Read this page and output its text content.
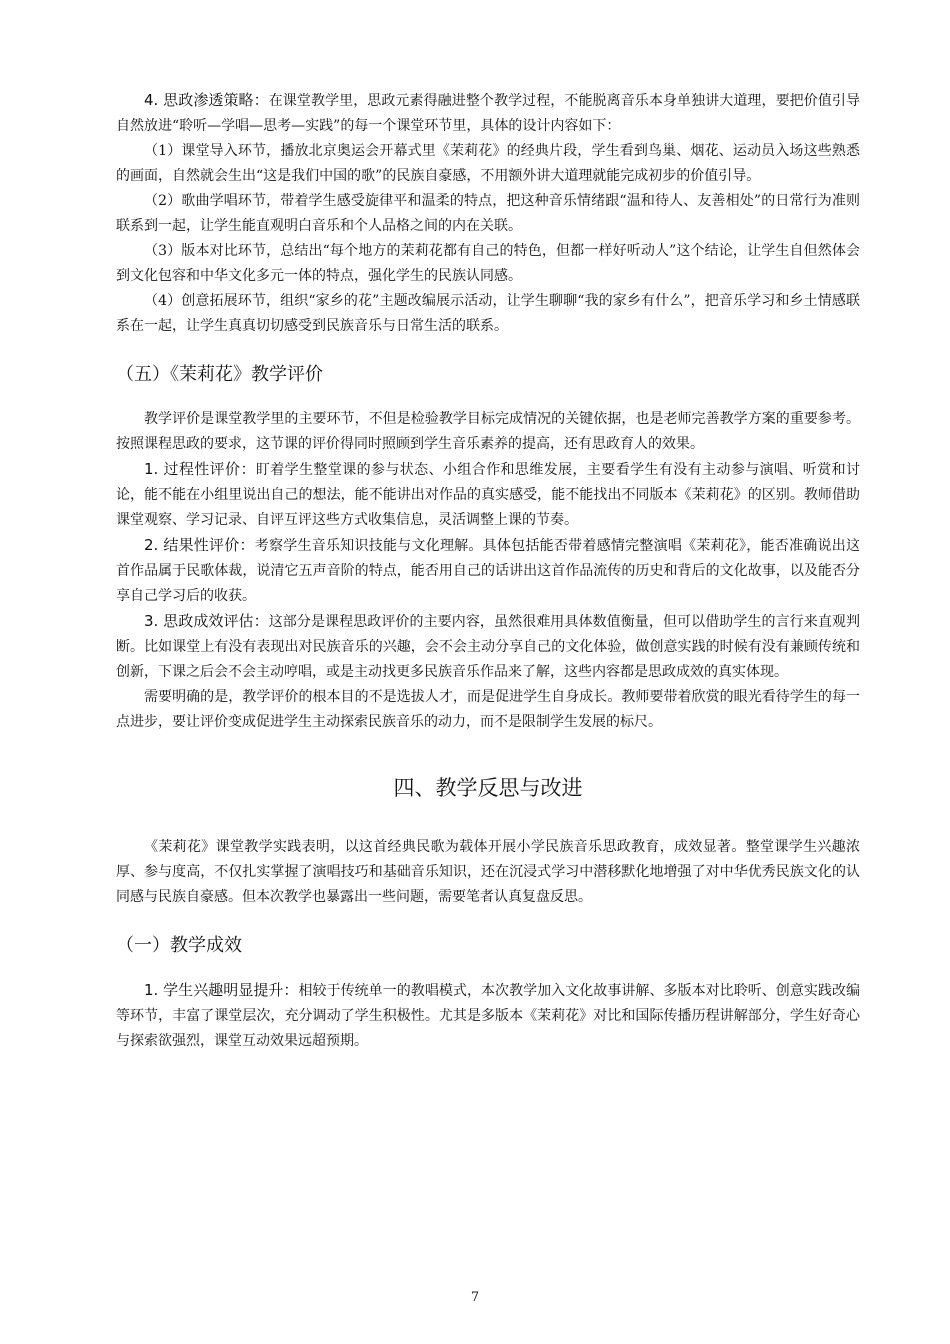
4. 思政渗透策略：在课堂教学里，思政元素得融进整个教学过程，不能脱离音乐本身单独讲大道理，要把价值引导自然放进“聆听—学唱—思考—实践”的每一个课堂环节里，具体的设计内容如下：

（1）课堂导入环节，播放北京奥运会开幕式里《茉莉花》的经典片段，学生看到鸟巢、烟花、运动员入场这些熟悉的画面，自然就会生出“这是我们中国的歌”的民族自豪感，不用额外讲大道理就能完成初步的价值引导。

（2）歌曲学唱环节，带着学生感受旋律平和温柔的特点，把这种音乐情绪跟“温和待人、友善相处”的日常行为准则联系到一起，让学生能直观明白音乐和个人品格之间的内在关联。

（3）版本对比环节，总结出“每个地方的茉莉花都有自己的特色，但都一样好听动人”这个结论，让学生自但然体会到文化包容和中华文化多元一体的特点，强化学生的民族认同感。

（4）创意拓展环节，组织“家乡的花”主题改编展示活动，让学生聊聊“我的家乡有什么”，把音乐学习和乡土情感联系在一起，让学生真真切切感受到民族音乐与日常生活的联系。

（五）《茉莉花》教学评价

教学评价是课堂教学里的主要环节，不但是检验教学目标完成情况的关键依据，也是老师完善教学方案的重要参考。按照课程思政的要求，这节课的评价得同时照顾到学生音乐素养的提高，还有思政育人的效果。

1. 过程性评价：盯着学生整堂课的参与状态、小组合作和思维发展，主要看学生有没有主动参与演唱、听赏和讨论，能不能在小组里说出自己的想法，能不能讲出对作品的真实感受，能不能找出不同版本《茉莉花》的区别。教师借助课堂观察、学习记录、自评互评这些方式收集信息，灵活调整上课的节奏。

2. 结果性评价：考察学生音乐知识技能与文化理解。具体包括能否带着感情完整演唱《茉莉花》，能否准确说出这首作品属于民歌体裁，说清它五声音阶的特点，能否用自己的话讲出这首作品流传的历史和背后的文化故事，以及能否分享自己学习后的收获。

3. 思政成效评估：这部分是课程思政评价的主要内容，虽然很难用具体数值衡量，但可以借助学生的言行来直观判断。比如课堂上有没有表现出对民族音乐的兴趣，会不会主动分享自己的文化体验，做创意实践的时候有没有兼顾传统和创新，下课之后会不会主动哼唱，或是主动找更多民族音乐作品来了解，这些内容都是思政成效的真实体现。

需要明确的是，教学评价的根本目的不是选拔人才，而是促进学生自身成长。教师要带着欣赏的眼光看待学生的每一点进步，要让评价变成促进学生主动探索民族音乐的动力，而不是限制学生发展的标尺。

四、教学反思与改进

《茉莉花》课堂教学实践表明，以这首经典民歌为载体开展小学民族音乐思政教育，成效显著。整堂课学生兴趣浓厚、参与度高，不仅扎实掌握了演唱技巧和基础音乐知识，还在沉浸式学习中潜移默化地增强了对中华优秀民族文化的认同感与民族自豪感。但本次教学也暴露出一些问题，需要笔者认真复盘反思。

（一）教学成效

1. 学生兴趣明显提升：相较于传统单一的教唱模式，本次教学加入文化故事讲解、多版本对比聆听、创意实践改编等环节，丰富了课堂层次，充分调动了学生积极性。尤其是多版本《茉莉花》对比和国际传播历程讲解部分，学生好奇心与探索欲强烈，课堂互动效果远超预期。

7
